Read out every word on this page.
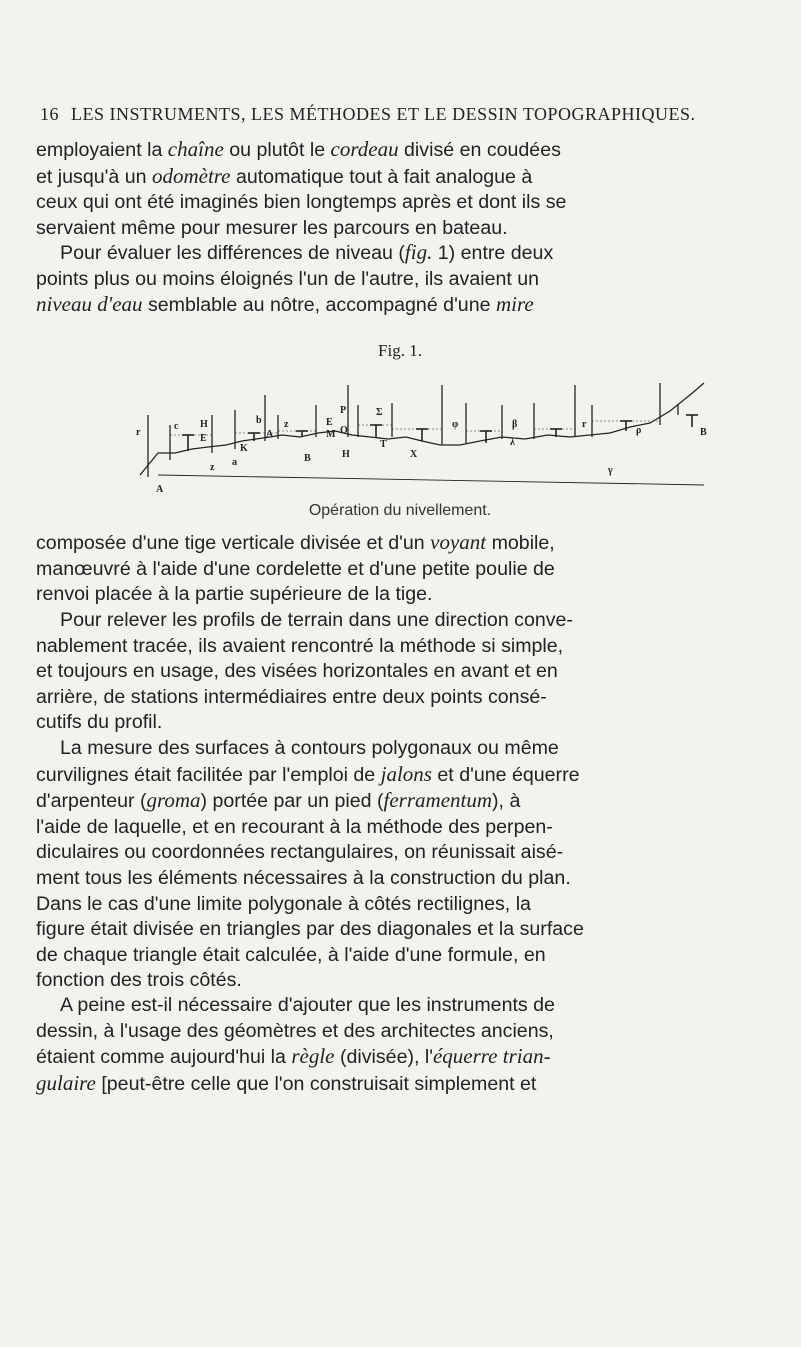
16 LES INSTRUMENTS, LES MÉTHODES ET LE DESSIN TOPOGRAPHIQUES.

employaient la chaîne ou plutôt le cordeau divisé en coudées
et jusqu'à un odomètre automatique tout à fait analogue à
ceux qui ont été imaginés bien longtemps après et dont ils se
servaient même pour mesurer les parcours en bateau.

Pour évaluer les différences de niveau (fig. 1) entre deux
points plus ou moins éloignés l'un de l'autre, ils avaient un
niveau d'eau semblable au nôtre, accompagné d'une mire

Fig. 1.
r
A
c
z
E
H
a
K
b
A
z	E
M
B	H
P
O
T
Σ
X
φ	β
λ
r
ρ
γ
B
Opération du nivellement.

composée d'une tige verticale divisée et d'un voyant mobile,
manœuvré à l'aide d'une cordelette et d'une petite poulie de
renvoi placée à la partie supérieure de la tige.

Pour relever les profils de terrain dans une direction conve-
nablement tracée, ils avaient rencontré la méthode si simple,
et toujours en usage, des visées horizontales en avant et en
arrière, de stations intermédiaires entre deux points consé-
cutifs du profil.

La mesure des surfaces à contours polygonaux ou même
curvilignes était facilitée par l'emploi de jalons et d'une équerre
d'arpenteur (groma) portée par un pied (ferramentum), à
l'aide de laquelle, et en recourant à la méthode des perpen-
diculaires ou coordonnées rectangulaires, on réunissait aisé-
ment tous les éléments nécessaires à la construction du plan.
Dans le cas d'une limite polygonale à côtés rectilignes, la
figure était divisée en triangles par des diagonales et la surface
de chaque triangle était calculée, à l'aide d'une formule, en
fonction des trois côtés.

A peine est-il nécessaire d'ajouter que les instruments de
dessin, à l'usage des géomètres et des architectes anciens,
étaient comme aujourd'hui la règle (divisée), l'équerre trian-
gulaire [peut-être celle que l'on construisait simplement et
